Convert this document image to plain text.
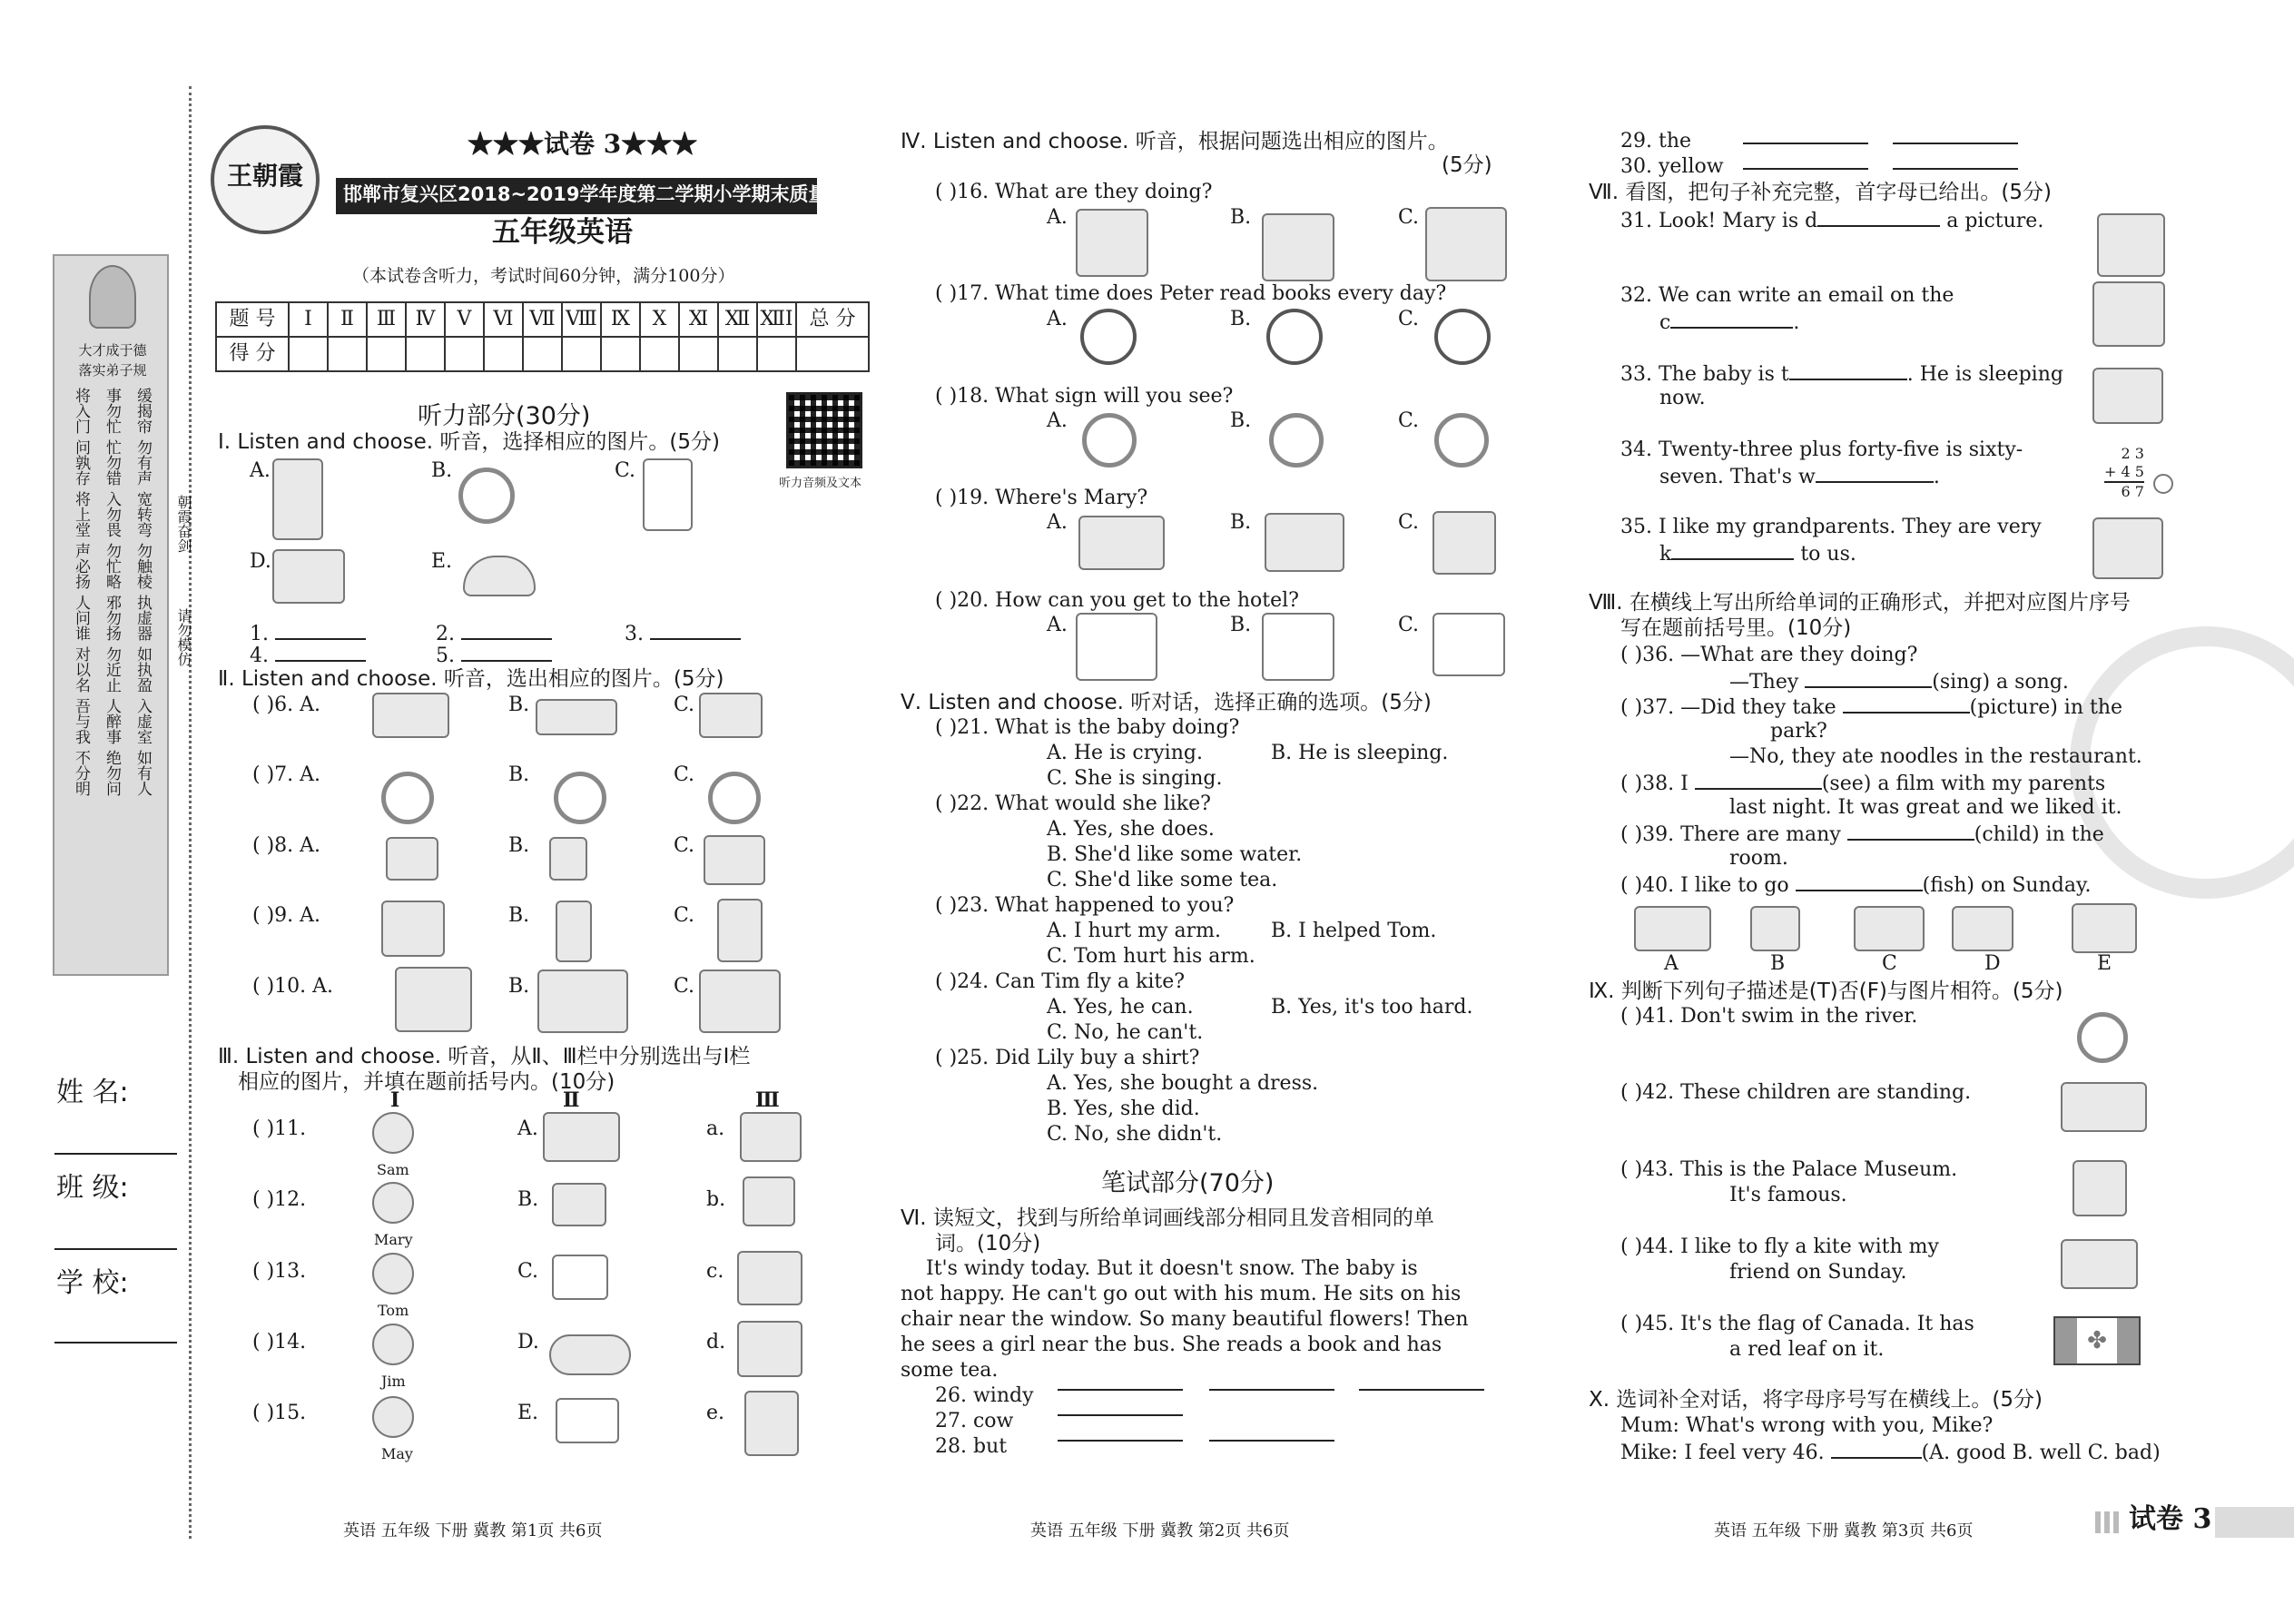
大才成于德
落实弟子规
将入门 事勿忙 缓揭帘
问孰存 忙勿错 勿有声
将上堂 入勿畏 宽转弯
声必扬 勿忙略 勿触棱
人问谁 邪勿扬 执虚器
对以名 勿近止 如执盈
吾与我 人醉事 入虚室
不分明 绝勿问 如有人
朝霞奋剑
请勿模仿
姓 名:
班 级:
学 校:
王朝霞
★★★试卷 3★★★
邯郸市复兴区2018~2019学年度第二学期小学期末质量检测试卷
五年级英语
（本试卷含听力，考试时间60分钟，满分100分）
题 号	Ⅰ	Ⅱ	Ⅲ	Ⅳ	Ⅴ	Ⅵ	Ⅶ	Ⅷ	Ⅸ	Ⅹ	Ⅺ	Ⅻ	ⅫⅠ	总 分
得 分														
听力部分(30分)
听力音频及文本
Ⅰ. Listen and choose. 听音，选择相应的图片。(5分)
A.	B.	C.
D.	E.
1.	2.	3.
4.	5.
Ⅱ. Listen and choose. 听音，选出相应的图片。(5分)
( )6. A.	B.	C.
( )7. A.	B.	C.
( )8. A.	B.	C.
( )9. A.	B.	C.
( )10. A.	B.	C.
Ⅲ. Listen and choose. 听音，从Ⅱ、Ⅲ栏中分别选出与Ⅰ栏
相应的图片，并填在题前括号内。(10分)
Ⅰ	Ⅱ	Ⅲ
( )11.
Sam
A.	a.
( )12.
Mary
B.	b.
( )13.
Tom
C.	c.
( )14.
Jim
D.	d.
( )15.
May
E.	e.
英语 五年级 下册 冀教 第1页 共6页
Ⅳ. Listen and choose. 听音，根据问题选出相应的图片。
(5分)
( )16. What are they doing?
A.	B.	C.
( )17. What time does Peter read books every day?
A.	B.	C.
( )18. What sign will you see?
A.	B.	C.
( )19. Where's Mary?
A.	B.	C.
( )20. How can you get to the hotel?
A.	B.	C.
Ⅴ. Listen and choose. 听对话，选择正确的选项。(5分)
( )21. What is the baby doing?
A. He is crying.	B. He is sleeping.
C. She is singing.
( )22. What would she like?
A. Yes, she does.
B. She'd like some water.
C. She'd like some tea.
( )23. What happened to you?
A. I hurt my arm. B. I helped Tom.
C. Tom hurt his arm.
( )24. Can Tim fly a kite?
A. Yes, he can.	B. Yes, it's too hard.
C. No, he can't.
( )25. Did Lily buy a shirt?
A. Yes, she bought a dress.
B. Yes, she did.
C. No, she didn't.
笔试部分(70分)
Ⅵ. 读短文，找到与所给单词画线部分相同且发音相同的单
词。(10分)
It's windy today. But it doesn't snow. The baby is
not happy. He can't go out with his mum. He sits on his
chair near the window. So many beautiful flowers! Then
he sees a girl near the bus. She reads a book and has
some tea.
26. windy
27. cow
28. but
英语 五年级 下册 冀教 第2页 共6页
29. the
30. yellow
Ⅶ. 看图，把句子补充完整，首字母已给出。(5分)
31. Look! Mary is d	a picture.
32. We can write an email on the
c	.
33. The baby is t	. He is sleeping
now.
34. Twenty-three plus forty-five is sixty-
seven. That's w	.
2 3
+ 4 5
6 7
35. I like my grandparents. They are very
k	to us.
Ⅷ. 在横线上写出所给单词的正确形式，并把对应图片序号
写在题前括号里。(10分)
( )36. —What are they doing?
—They	(sing) a song.
( )37. —Did they take	(picture) in the
park?
—No, they ate noodles in the restaurant.
( )38. I	(see) a film with my parents
last night. It was great and we liked it.
( )39. There are many	(child) in the
room.
( )40. I like to go	(fish) on Sunday.
A	B	C	D	E
Ⅸ. 判断下列句子描述是(T)否(F)与图片相符。(5分)
( )41. Don't swim in the river.
( )42. These children are standing.
( )43. This is the Palace Museum.
It's famous.
( )44. I like to fly a kite with my
friend on Sunday.
( )45. It's the flag of Canada. It has
a red leaf on it.	✤
Ⅹ. 选词补全对话，将字母序号写在横线上。(5分)
Mum: What's wrong with you, Mike?
Mike: I feel very 46.	(A. good B. well C. bad)
英语 五年级 下册 冀教 第3页 共6页	试卷 3
